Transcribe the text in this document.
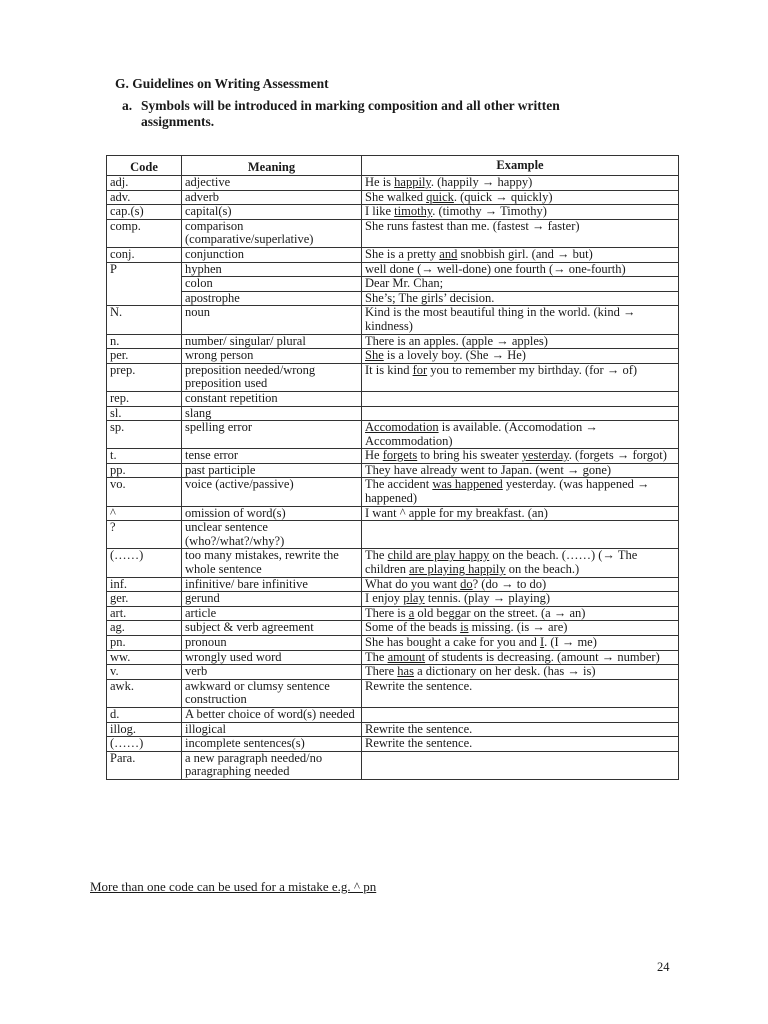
G. Guidelines on Writing Assessment
a. Symbols will be introduced in marking composition and all other written assignments.
Code	Meaning	Example
adj.	adjective	He is happily. (happily → happy)
adv.	adverb	She walked quick. (quick → quickly)
cap.(s)	capital(s)	I like timothy. (timothy → Timothy)
comp.	comparison (comparative/superlative)	She runs fastest than me. (fastest → faster)
conj.	conjunction	She is a pretty and snobbish girl. (and → but)
P	hyphen	well done (→ well-done) one fourth (→ one-fourth)
	colon	Dear Mr. Chan;
	apostrophe	She’s; The girls’ decision.
N.	noun	Kind is the most beautiful thing in the world. (kind → kindness)
n.	number/ singular/ plural	There is an apples. (apple → apples)
per.	wrong person	She is a lovely boy. (She → He)
prep.	preposition needed/wrong preposition used	It is kind for you to remember my birthday. (for → of)
rep.	constant repetition	
sl.	slang	
sp.	spelling error	Accomodation is available. (Accomodation → Accommodation)
t.	tense error	He forgets to bring his sweater yesterday. (forgets → forgot)
pp.	past participle	They have already went to Japan. (went → gone)
vo.	voice (active/passive)	The accident was happened yesterday. (was happened → happened)
^	omission of word(s)	I want ^ apple for my breakfast. (an)
?	unclear sentence (who?/what?/why?)	
(……)	too many mistakes, rewrite the whole sentence	The child are play happy on the beach. (……) (→ The children are playing happily on the beach.)
inf.	infinitive/ bare infinitive	What do you want do? (do → to do)
ger.	gerund	I enjoy play tennis. (play → playing)
art.	article	There is a old beggar on the street. (a → an)
ag.	subject & verb agreement	Some of the beads is missing. (is → are)
pn.	pronoun	She has bought a cake for you and I. (I → me)
ww.	wrongly used word	The amount of students is decreasing. (amount → number)
v.	verb	There has a dictionary on her desk. (has → is)
awk.	awkward or clumsy sentence construction	Rewrite the sentence.
d.	A better choice of word(s) needed	
illog.	illogical	Rewrite the sentence.
(……)	incomplete sentences(s)	Rewrite the sentence.
Para.	a new paragraph needed/no paragraphing needed	
More than one code can be used for a mistake e.g. ^ pn
24
